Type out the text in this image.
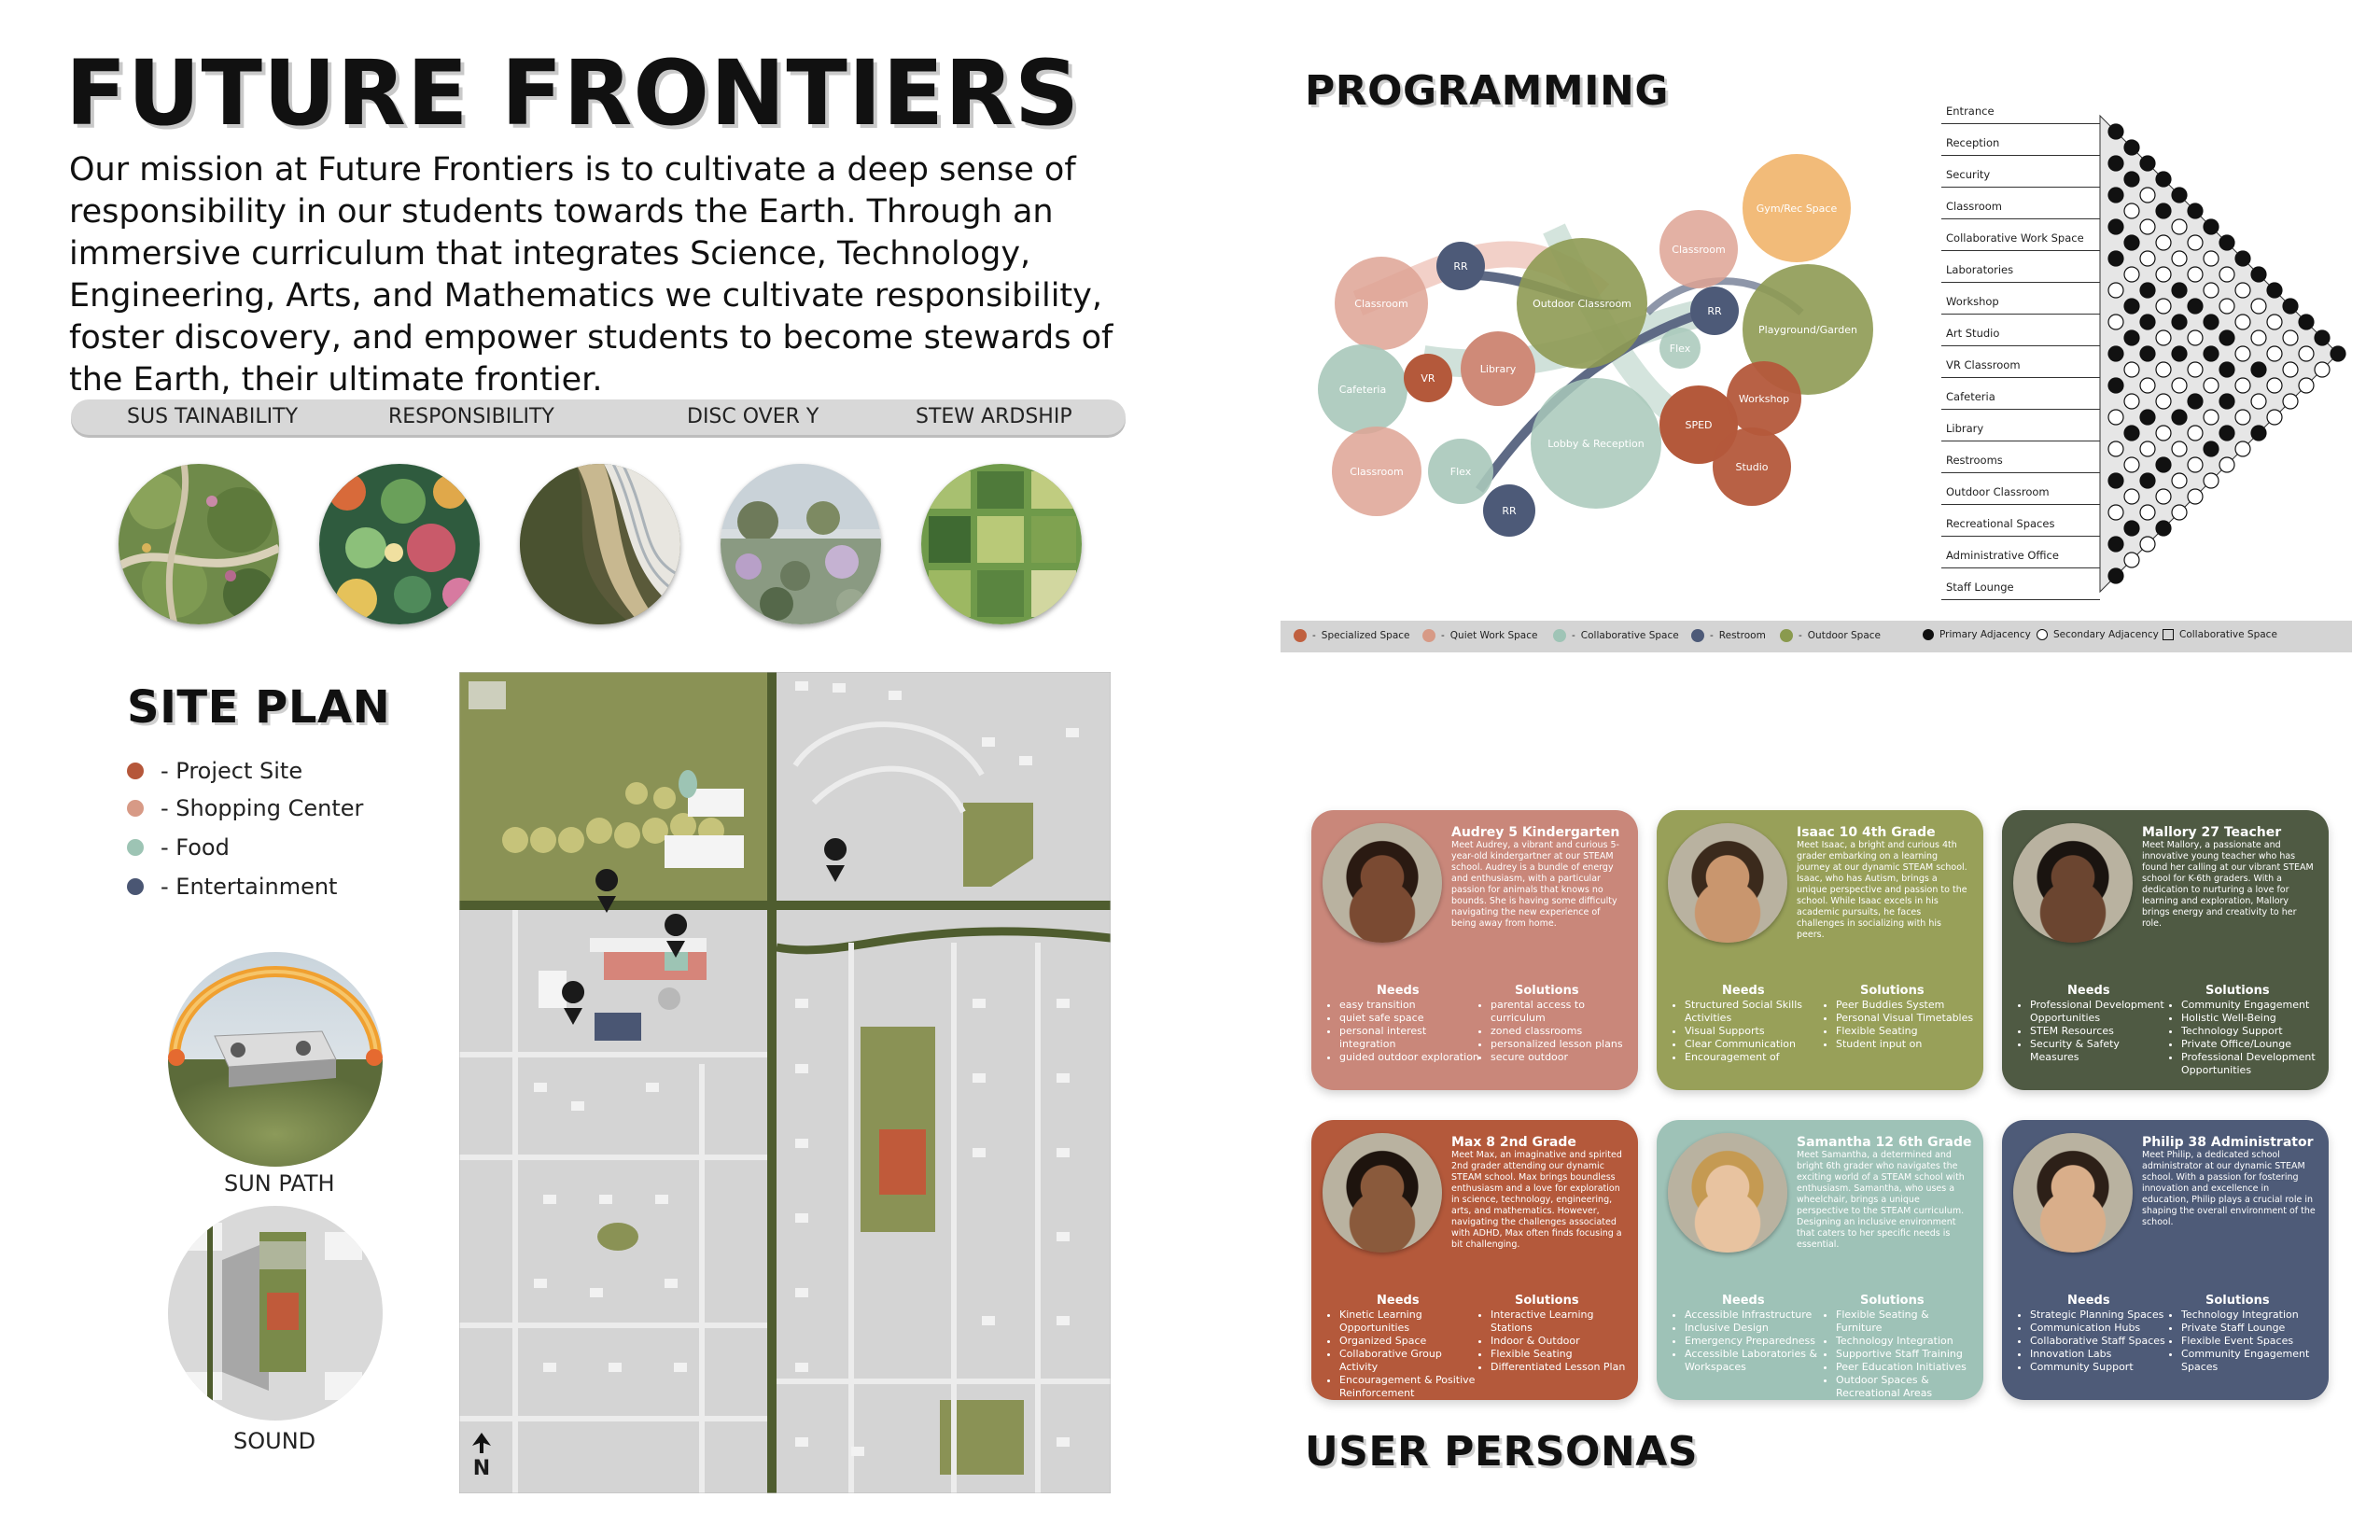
FUTURE FRONTIERS
Our mission at Future Frontiers is to cultivate a deep sense of responsibility in our students towards the Earth. Through an immersive curriculum that integrates Science, Technology, Engineering, Arts, and Mathematics we cultivate responsibility, foster discovery, and empower students to become stewards of the Earth, their ultimate frontier.
SUS TAINABILITY	RESPONSIBILITY	DISC OVER Y	STEW ARDSHIP
SITE PLAN
- Project Site
- Shopping Center
- Food
- Entertainment
SUN PATH
SOUND
N
PROGRAMMING
Classroom
RR
Cafeteria
VR
Library
Classroom	Flex
RR
Outdoor Classroom
Lobby & Reception
Classroom
Gym/Rec Space
RR
Flex
Playground/Garden
SPED
Workshop
Studio
Entrance
Reception
Security
Classroom
Collaborative Work Space
Laboratories
Workshop
Art Studio
VR Classroom
Cafeteria
Library
Restrooms
Outdoor Classroom
Recreational Spaces
Administrative Office
Staff Lounge
- Specialized Space	- Quiet Work Space	- Collaborative Space	- Restroom	- Outdoor Space	Primary Adjacency Secondary Adjacency Collaborative Space
Audrey 5 Kindergarten
Meet Audrey, a vibrant and curious 5-year-old kindergartner at our STEAM school. Audrey is a bundle of energy and enthusiasm, with a particular passion for animals that knows no bounds. She is having some difficulty navigating the new experience of being away from home.
Needs	Solutions
• easy transition
• quiet safe space
• personal interest integration
• guided outdoor exploration
• parental access to curriculum
• zoned classrooms
• personalized lesson plans
• secure outdoor
Isaac 10 4th Grade
Meet Isaac, a bright and curious 4th grader embarking on a learning journey at our dynamic STEAM school. Isaac, who has Autism, brings a unique perspective and passion to the school. While Isaac excels in his academic pursuits, he faces challenges in socializing with his peers.
Needs	Solutions
• Structured Social Skills Activities
• Visual Supports
• Clear Communication
• Encouragement of
• Peer Buddies System
• Personal Visual Timetables
• Flexible Seating
• Student input on
Mallory 27 Teacher
Meet Mallory, a passionate and innovative young teacher who has found her calling at our vibrant STEAM school for K-6th graders. With a dedication to nurturing a love for learning and exploration, Mallory brings energy and creativity to her role.
Needs	Solutions
• Professional Development Opportunities
• STEM Resources
• Security & Safety Measures
• Community Engagement
• Holistic Well-Being
• Technology Support
• Private Office/Lounge
• Professional Development Opportunities
Max 8 2nd Grade
Meet Max, an imaginative and spirited 2nd grader attending our dynamic STEAM school. Max brings boundless enthusiasm and a love for exploration in science, technology, engineering, arts, and mathematics. However, navigating the challenges associated with ADHD, Max often finds focusing a bit challenging.
Needs	Solutions
• Kinetic Learning Opportunities
• Organized Space
• Collaborative Group Activity
• Encouragement & Positive Reinforcement
• Interactive Learning Stations
• Indoor & Outdoor
• Flexible Seating
• Differentiated Lesson Plan
Samantha 12 6th Grade
Meet Samantha, a determined and bright 6th grader who navigates the exciting world of a STEAM school with enthusiasm. Samantha, who uses a wheelchair, brings a unique perspective to the STEAM curriculum. Designing an inclusive environment that caters to her specific needs is essential.
Needs	Solutions
• Accessible Infrastructure
• Inclusive Design
• Emergency Preparedness
• Accessible Laboratories & Workspaces
• Flexible Seating & Furniture
• Technology Integration
• Supportive Staff Training
• Peer Education Initiatives
• Outdoor Spaces & Recreational Areas
Philip 38 Administrator
Meet Philip, a dedicated school administrator at our dynamic STEAM school. With a passion for fostering innovation and excellence in education, Philip plays a crucial role in shaping the overall environment of the school.
Needs	Solutions
• Strategic Planning Spaces
• Communication Hubs
• Collaborative Staff Spaces
• Innovation Labs
• Community Support
• Technology Integration
• Private Staff Lounge
• Flexible Event Spaces
• Community Engagement Spaces
USER PERSONAS
